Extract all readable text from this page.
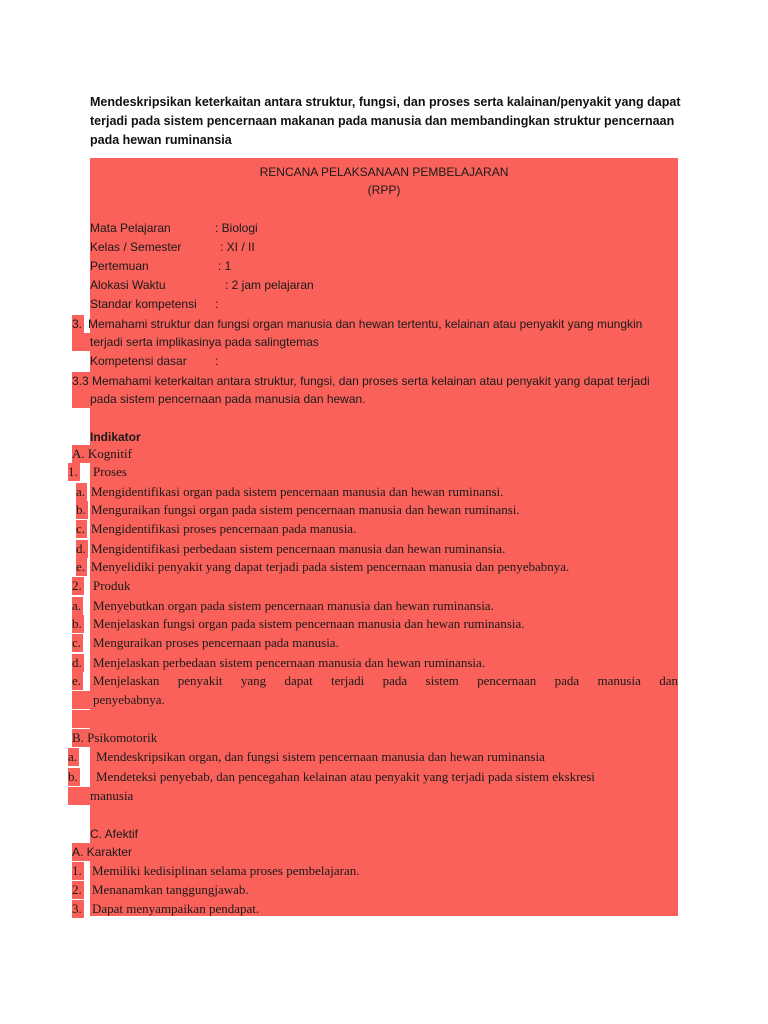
Mendeskripsikan keterkaitan antara struktur, fungsi, dan proses serta kalainan/penyakit yang dapat terjadi pada sistem pencernaan makanan pada manusia dan membandingkan struktur pencernaan pada hewan ruminansia
RENCANA PELAKSANAAN PEMBELAJARAN
(RPP)
Mata Pelajaran	: Biologi
Kelas / Semester	: XI / II
Pertemuan	: 1
Alokasi Waktu	: 2 jam pelajaran
Standar kompetensi :
3. Memahami struktur dan fungsi organ manusia dan hewan tertentu, kelainan atau penyakit yang mungkin
terjadi serta implikasinya pada salingtemas
Kompetensi dasar :
3.3 Memahami keterkaitan antara struktur, fungsi, dan proses serta kelainan atau penyakit yang dapat terjadi
pada sistem pencernaan pada manusia dan hewan.
Indikator
A. Kognitif
1. Proses
a. Mengidentifikasi organ pada sistem pencernaan manusia dan hewan ruminansi.
b. Menguraikan fungsi organ pada sistem pencernaan manusia dan hewan ruminansi.
c. Mengidentifikasi proses pencernaan pada manusia.
d. Mengidentifikasi perbedaan sistem pencernaan manusia dan hewan ruminansia.
e. Menyelidiki penyakit yang dapat terjadi pada sistem pencernaan manusia dan penyebabnya.
2. Produk
a. Menyebutkan organ pada sistem pencernaan manusia dan hewan ruminansia.
b. Menjelaskan fungsi organ pada sistem pencernaan manusia dan hewan ruminansia.
c. Menguraikan proses pencernaan pada manusia.
d. Menjelaskan perbedaan sistem pencernaan manusia dan hewan ruminansia.
e. Menjelaskan penyakit yang dapat terjadi pada sistem pencernaan pada manusia dan
penyebabnya.
B. Psikomotorik
a. Mendeskripsikan organ, dan fungsi sistem pencernaan manusia dan hewan ruminansia
b. Mendeteksi penyebab, dan pencegahan kelainan atau penyakit yang terjadi pada sistem ekskresi
manusia
C. Afektif
A. Karakter
1. Memiliki kedisiplinan selama proses pembelajaran.
2. Menanamkan tanggungjawab.
3. Dapat menyampaikan pendapat.
